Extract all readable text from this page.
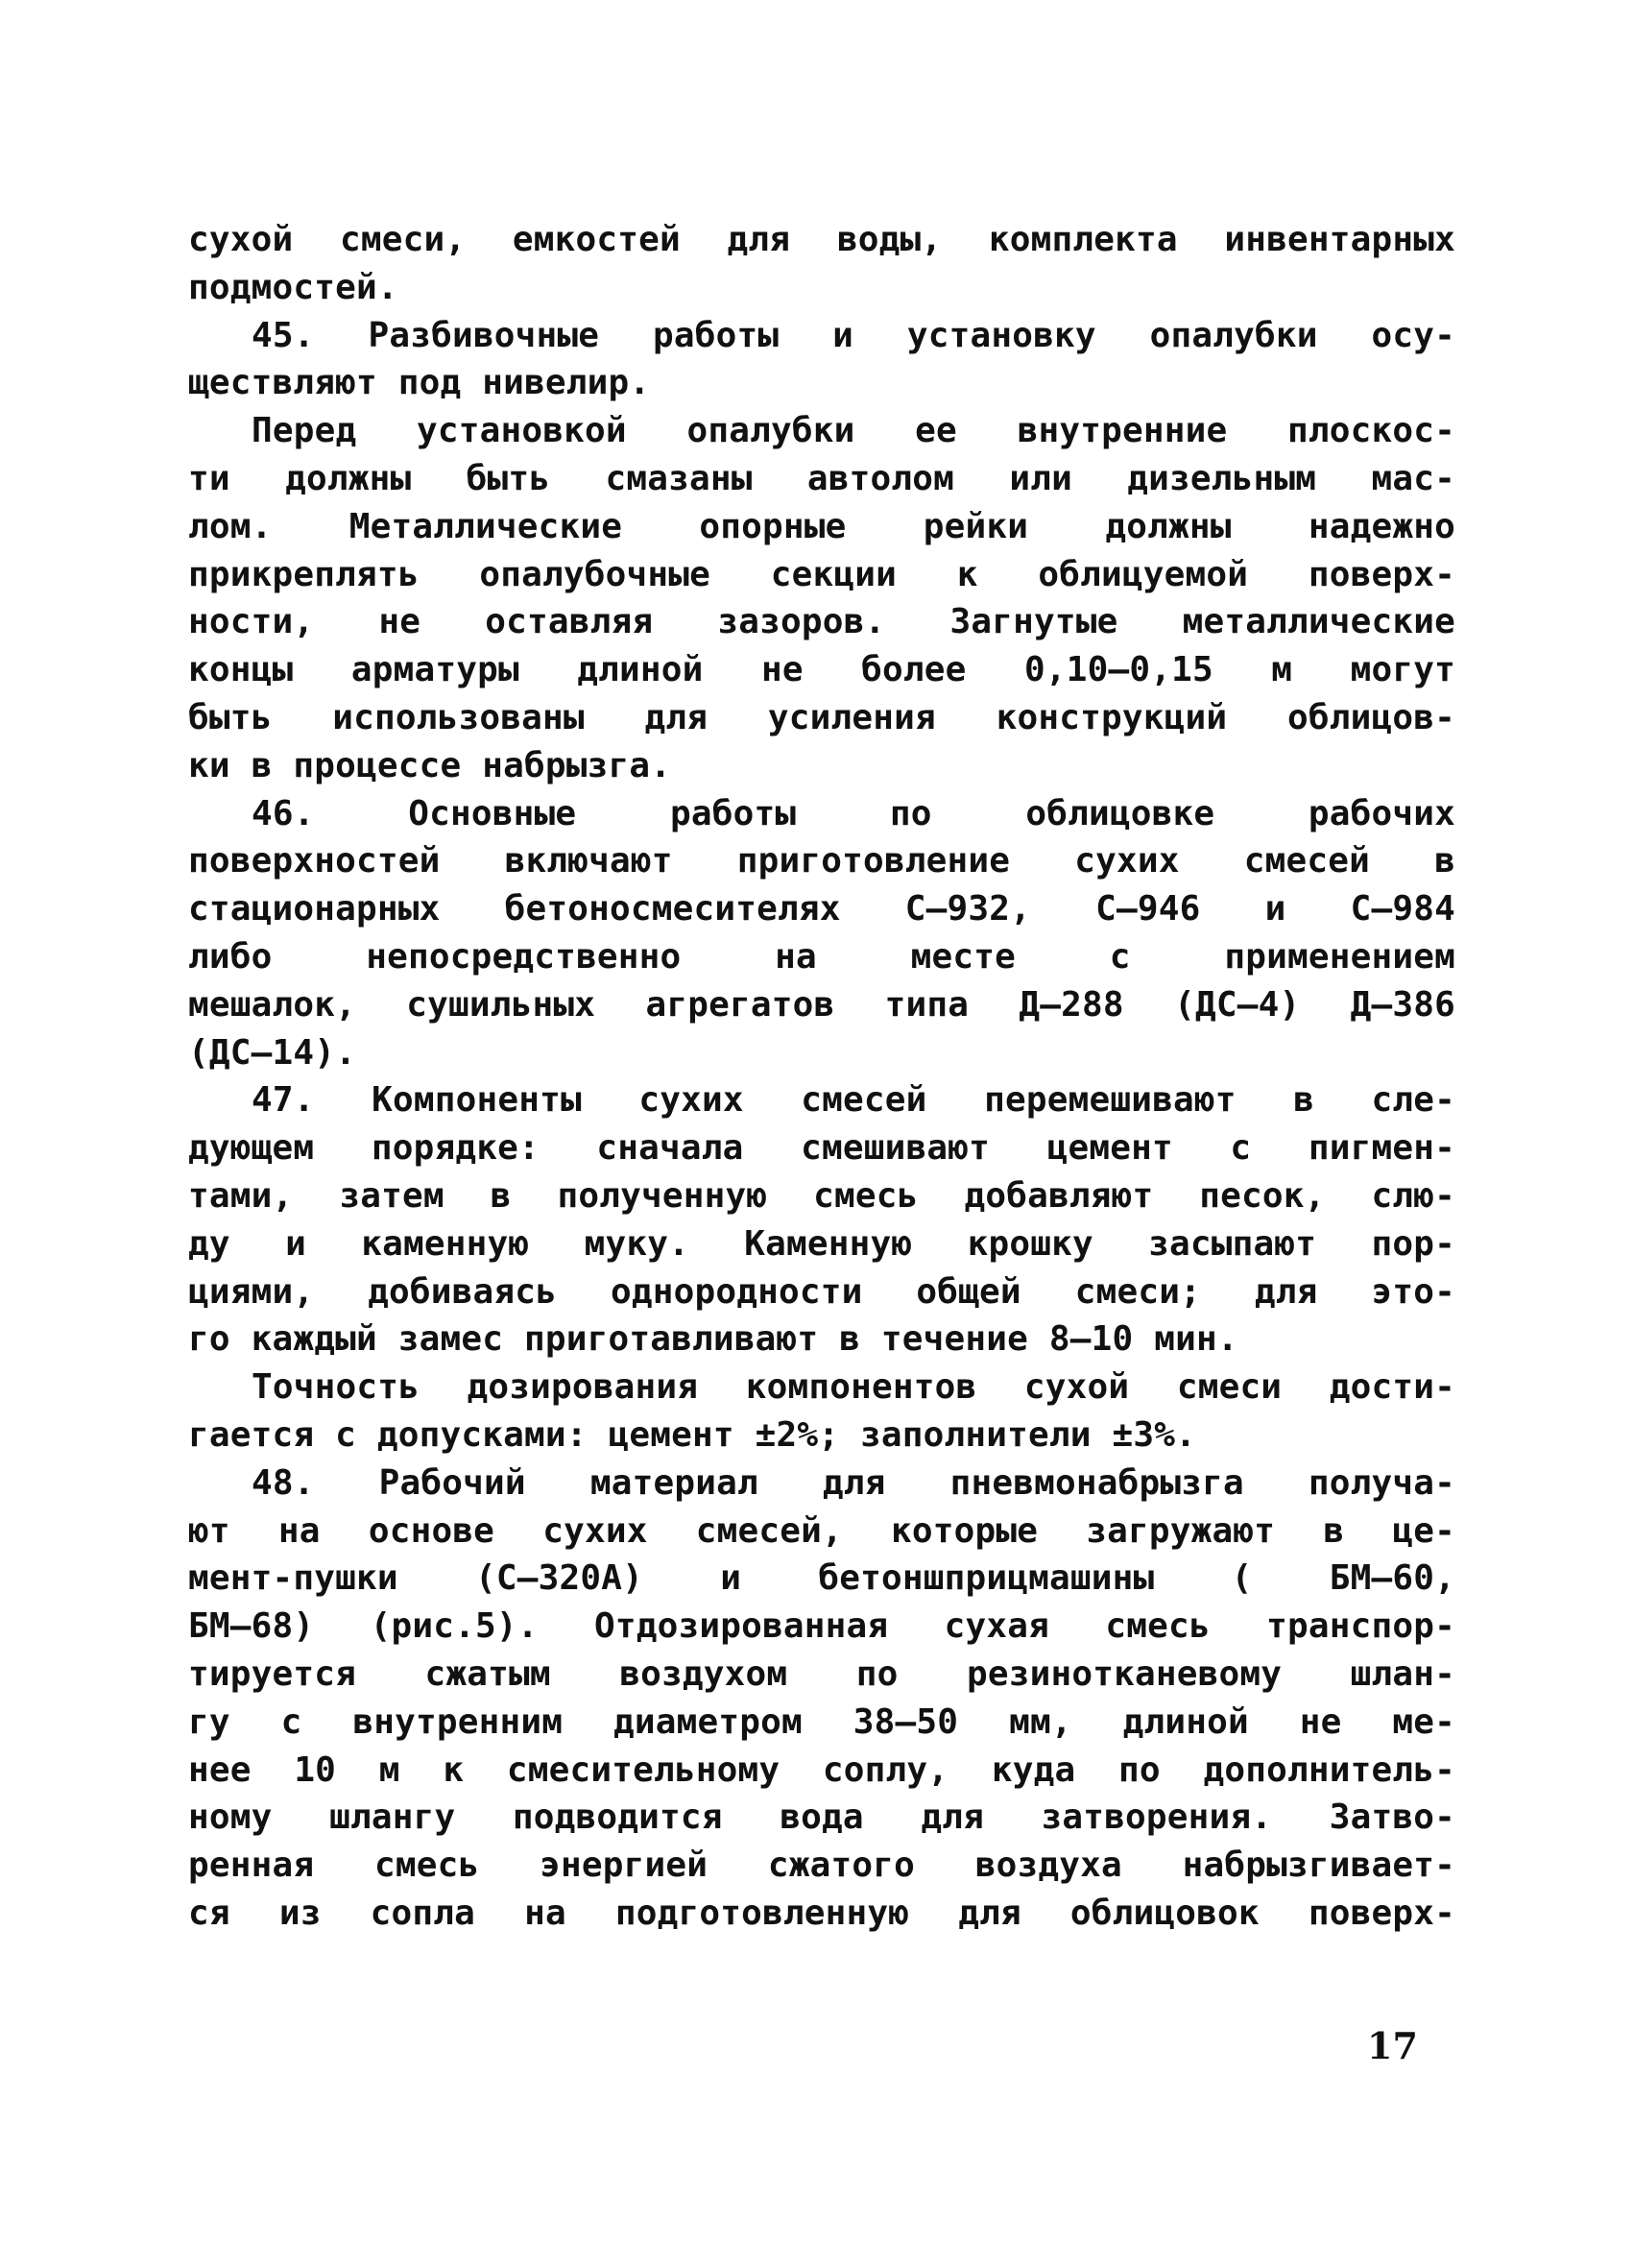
сухой смеси, емкостей для воды, комплекта инвентарных
подмостей.
45. Разбивочные работы и установку опалубки осу-
ществляют под нивелир.
Перед установкой опалубки ее внутренние плоскос-
ти должны быть смазаны автолом или дизельным мас-
лом. Металлические опорные рейки должны надежно
прикреплять опалубочные секции к облицуемой поверх-
ности, не оставляя зазоров. Загнутые металлические
концы арматуры длиной не более 0,10–0,15 м могут
быть использованы для усиления конструкций облицов-
ки в процессе набрызга.
46. Основные работы по облицовке рабочих
поверхностей включают приготовление сухих смесей в
стационарных бетоносмесителях С–932, С–946 и С–984
либо непосредственно на месте с применением
мешалок, сушильных агрегатов типа Д–288 (ДС–4) Д–386
(ДС–14).
47. Компоненты сухих смесей перемешивают в сле-
дующем порядке: сначала смешивают цемент с пигмен-
тами, затем в полученную смесь добавляют песок, слю-
ду и каменную муку. Каменную крошку засыпают пор-
циями, добиваясь однородности общей смеси; для это-
го каждый замес приготавливают в течение 8–10 мин.
Точность дозирования компонентов сухой смеси дости-
гается с допусками: цемент ±2%; заполнители ±3%.
48. Рабочий материал для пневмонабрызга получа-
ют на основе сухих смесей, которые загружают в це-
мент-пушки (С–320А) и бетоншприцмашины ( БМ–60,
БМ–68) (рис.5). Отдозированная сухая смесь транспор-
тируется сжатым воздухом по резинотканевому шлан-
гу с внутренним диаметром 38–50 мм, длиной не ме-
нее 10 м к смесительному соплу, куда по дополнитель-
ному шлангу подводится вода для затворения. Затво-
ренная смесь энергией сжатого воздуха набрызгивает-
ся из сопла на подготовленную для облицовок поверх-
17
